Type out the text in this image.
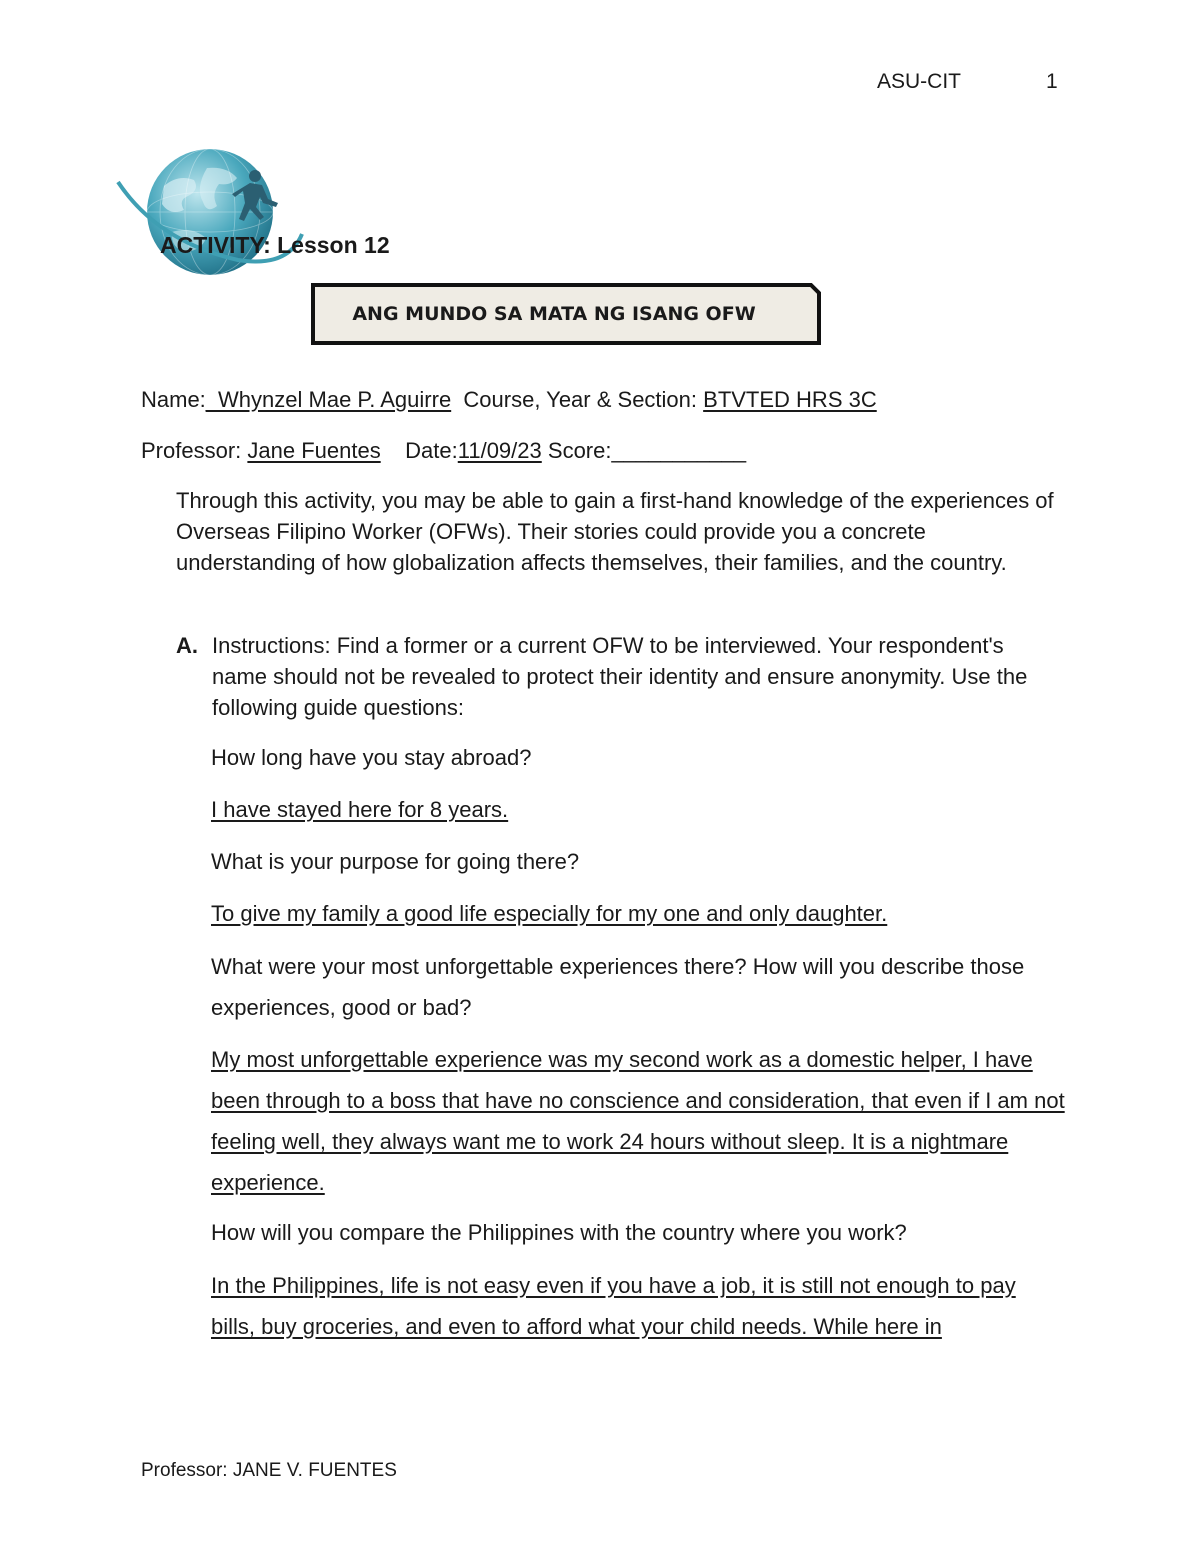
ASU-CIT	1
ACTIVITY: Lesson 12
ANG MUNDO SA MATA NG ISANG OFW
Name:_Whynzel Mae P. Aguirre Course, Year & Section: BTVTED HRS 3C
Professor: Jane Fuentes Date:11/09/23 Score:___________
Through this activity, you may be able to gain a first-hand knowledge of the experiences of Overseas Filipino Worker (OFWs). Their stories could provide you a concrete understanding of how globalization affects themselves, their families, and the country.
A. Instructions: Find a former or a current OFW to be interviewed. Your respondent's name should not be revealed to protect their identity and ensure anonymity. Use the following guide questions:
How long have you stay abroad?
I have stayed here for 8 years.
What is your purpose for going there?
To give my family a good life especially for my one and only daughter.
What were your most unforgettable experiences there? How will you describe those experiences, good or bad?
My most unforgettable experience was my second work as a domestic helper, I have been through to a boss that have no conscience and consideration, that even if I am not feeling well, they always want me to work 24 hours without sleep. It is a nightmare experience.
How will you compare the Philippines with the country where you work?
In the Philippines, life is not easy even if you have a job, it is still not enough to pay bills, buy groceries, and even to afford what your child needs. While here in
Professor: JANE V. FUENTES
